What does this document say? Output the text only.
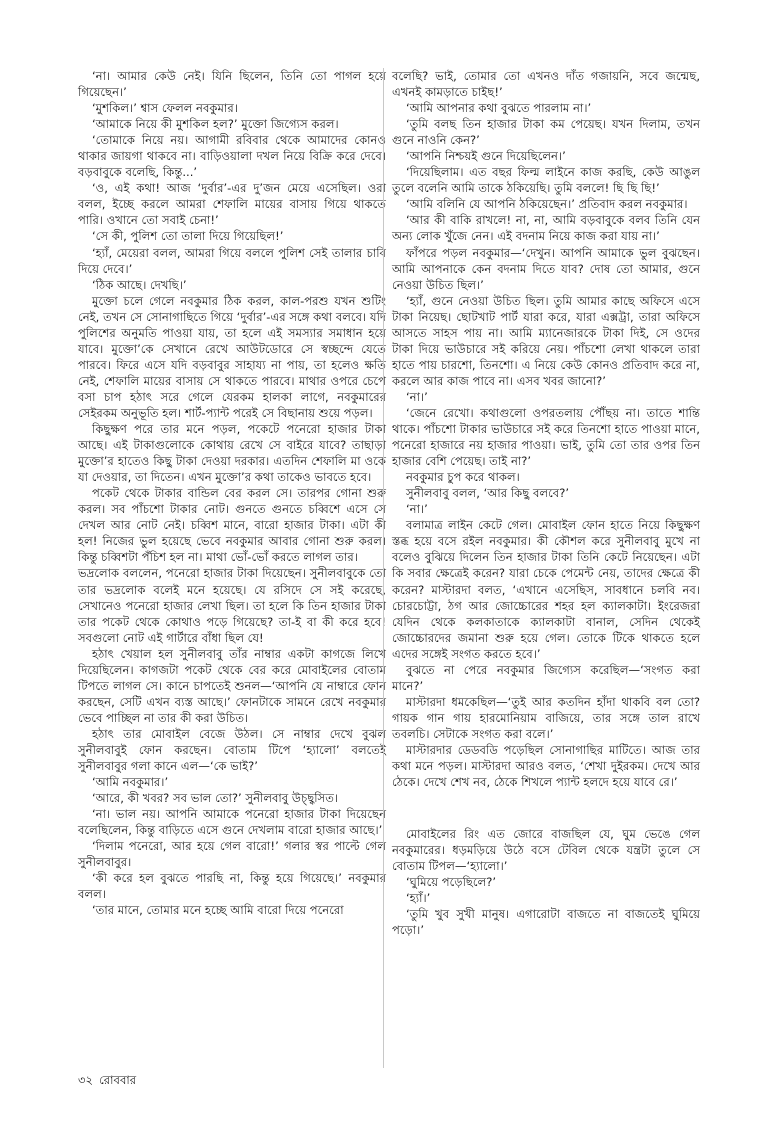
‘না। আমার কেউ নেই। যিনি ছিলেন, তিনি তো পাগল হয়ে গিয়েছেন।’

‘মুশকিল।’ শ্বাস ফেলল নবকুমার।

‘আমাকে নিয়ে কী মুশকিল হল?’ মুক্তো জিগ্যেস করল।

‘তোমাকে নিয়ে নয়। আগামী রবিবার থেকে আমাদের কোনও থাকার জায়গা থাকবে না। বাড়িওয়ালা দখল নিয়ে বিক্রি করে দেবে। বড়বাবুকে বলেছি, কিন্তু...’

‘ও, এই কথা! আজ ‘দুর্বার’-এর দু’জন মেয়ে এসেছিল। ওরা বলল, ইচ্ছে করলে আমরা শেফালি মায়ের বাসায় গিয়ে থাকতে পারি। ওখানে তো সবাই চেনা!’

‘সে কী, পুলিশ তো তালা দিয়ে গিয়েছিল!’

‘হ্যাঁ, মেয়েরা বলল, আমরা গিয়ে বললে পুলিশ সেই তালার চাবি দিয়ে দেবে।’

‘ঠিক আছে। দেখছি।’

মুক্তো চলে গেলে নবকুমার ঠিক করল, কাল-পরশু যখন শুটিং নেই, তখন সে সোনাগাছিতে গিয়ে ‘দুর্বার’-এর সঙ্গে কথা বলবে। যদি পুলিশের অনুমতি পাওয়া যায়, তা হলে এই সমস্যার সমাধান হয়ে যাবে। মুক্তো’কে সেখানে রেখে আউটডোরে সে স্বচ্ছন্দে যেতে পারবে। ফিরে এসে যদি বড়বাবুর সাহায্য না পায়, তা হলেও ক্ষতি নেই, শেফালি মায়ের বাসায় সে থাকতে পারবে। মাথার ওপরে চেপে বসা চাপ হঠাৎ সরে গেলে যেরকম হালকা লাগে, নবকুমারের সেইরকম অনুভূতি হল। শার্ট-প্যান্ট পরেই সে বিছানায় শুয়ে পড়ল।

কিছুক্ষণ পরে তার মনে পড়ল, পকেটে পনেরো হাজার টাকা আছে। এই টাকাগুলোকে কোথায় রেখে সে বাইরে যাবে? তাছাড়া মুক্তো’র হাতেও কিছু টাকা দেওয়া দরকার। এতদিন শেফালি মা ওকে যা দেওয়ার, তা দিতেন। এখন মুক্তো’র কথা তাকেও ভাবতে হবে।

পকেট থেকে টাকার বান্ডিল বের করল সে। তারপর গোনা শুরু করল। সব পাঁচশো টাকার নোট। গুনতে গুনতে চব্বিশে এসে সে দেখল আর নোট নেই। চব্বিশ মানে, বারো হাজার টাকা। এটা কী হল! নিজের ভুল হয়েছে ভেবে নবকুমার আবার গোনা শুরু করল। কিন্তু চব্বিশটা পঁচিশ হল না। মাথা ভোঁ-ভোঁ করতে লাগল তার।

ভদ্রলোক বললেন, পনেরো হাজার টাকা দিয়েছেন। সুনীলবাবুকে তো তার ভদ্রলোক বলেই মনে হয়েছে। যে রসিদে সে সই করেছে, সেখানেও পনেরো হাজার লেখা ছিল। তা হলে কি তিন হাজার টাকা তার পকেট থেকে কোথাও পড়ে গিয়েছে? তা-ই বা কী করে হবে! সবগুলো নোট এই গার্টারে বাঁধা ছিল যে!

হঠাৎ খেয়াল হল সুনীলবাবু তাঁর নাম্বার একটা কাগজে লিখে দিয়েছিলেন। কাগজটা পকেট থেকে বের করে মোবাইলের বোতাম টিপতে লাগল সে। কানে চাপতেই শুনল—‘আপনি যে নাম্বারে ফোন করছেন, সেটি এখন ব্যস্ত আছে।’ ফোনটাকে সামনে রেখে নবকুমার ভেবে পাচ্ছিল না তার কী করা উচিত।

হঠাৎ তার মোবাইল বেজে উঠল। সে নাম্বার দেখে বুঝল সুনীলবাবুই ফোন করছেন। বোতাম টিপে ‘হ্যালো’ বলতেই সুনীলবাবুর গলা কানে এল—‘কে ভাই?’

‘আমি নবকুমার।’

‘আরে, কী খবর? সব ভাল তো?’ সুনীলবাবু উচ্ছ্বসিত।

‘না। ভাল নয়। আপনি আমাকে পনেরো হাজার টাকা দিয়েছেন বলেছিলেন, কিন্তু বাড়িতে এসে গুনে দেখলাম বারো হাজার আছে।’

‘দিলাম পনেরো, আর হয়ে গেল বারো!’ গলার স্বর পাল্টে গেল সুনীলবাবুর।

‘কী করে হল বুঝতে পারছি না, কিন্তু হয়ে গিয়েছে।’ নবকুমার বলল।

‘তার মানে, তোমার মনে হচ্ছে আমি বারো দিয়ে পনেরো

বলেছি? ভাই, তোমার তো এখনও দাঁত গজায়নি, সবে জন্মেছ, এখনই কামড়াতে চাইছ!’

‘আমি আপনার কথা বুঝতে পারলাম না।’

‘তুমি বলছ তিন হাজার টাকা কম পেয়েছ। যখন দিলাম, তখন গুনে নাওনি কেন?’

‘আপনি নিশ্চয়ই গুনে দিয়েছিলেন।’

‘দিয়েছিলাম। এত বছর ফিল্ম লাইনে কাজ করছি, কেউ আঙুল তুলে বলেনি আমি তাকে ঠকিয়েছি। তুমি বললে! ছি ছি ছি!’

‘আমি বলিনি যে আপনি ঠকিয়েছেন।’ প্রতিবাদ করল নবকুমার।

‘আর কী বাকি রাখলে! না, না, আমি বড়বাবুকে বলব তিনি যেন অন্য লোক খুঁজে নেন। এই বদনাম নিয়ে কাজ করা যায় না।’

ফাঁপরে পড়ল নবকুমার—‘দেখুন। আপনি আমাকে ভুল বুঝছেন। আমি আপনাকে কেন বদনাম দিতে যাব? দোষ তো আমার, গুনে নেওয়া উচিত ছিল।’

‘হ্যাঁ, গুনে নেওয়া উচিত ছিল। তুমি আমার কাছে অফিসে এসে টাকা নিয়েছ। ছোটখাট পার্ট যারা করে, যারা এক্সট্রা, তারা অফিসে আসতে সাহস পায় না। আমি ম্যানেজারকে টাকা দিই, সে ওদের টাকা দিয়ে ভাউচারে সই করিয়ে নেয়। পাঁচশো লেখা থাকলে তারা হাতে পায় চারশো, তিনশো। এ নিয়ে কেউ কোনও প্রতিবাদ করে না, করলে আর কাজ পাবে না। এসব খবর জানো?’

‘না।’

‘জেনে রেখো। কথাগুলো ওপরতলায় পৌঁছয় না। তাতে শান্তি থাকে। পাঁচশো টাকার ভাউচারে সই করে তিনশো হাতে পাওয়া মানে, পনেরো হাজারে নয় হাজার পাওয়া। ভাই, তুমি তো তার ওপর তিন হাজার বেশি পেয়েছ। তাই না?’

নবকুমার চুপ করে থাকল।

সুনীলবাবু বলল, ‘আর কিছু বলবে?’

‘না।’

বলামাত্র লাইন কেটে গেল। মোবাইল ফোন হাতে নিয়ে কিছুক্ষণ স্তব্ধ হয়ে বসে রইল নবকুমার। কী কৌশল করে সুনীলবাবু মুখে না বলেও বুঝিয়ে দিলেন তিন হাজার টাকা তিনি কেটে নিয়েছেন। এটা কি সবার ক্ষেত্রেই করেন? যারা চেকে পেমেন্ট নেয়, তাদের ক্ষেত্রে কী করেন? মাস্টারদা বলত, ‘এখানে এসেছিস, সাবধানে চলবি নব। চোরচোট্টা, ঠগ আর জোচ্চোরের শহর হল ক্যালকাটা। ইংরেজরা যেদিন থেকে কলকাতাকে ক্যালকাটা বানাল, সেদিন থেকেই জোচ্চোরদের জমানা শুরু হয়ে গেল। তোকে টিকে থাকতে হলে এদের সঙ্গেই সংগত করতে হবে।’

বুঝতে না পেরে নবকুমার জিগ্যেস করেছিল—‘সংগত করা মানে?’

মাস্টারদা ধমকেছিল—‘তুই আর কতদিন হাঁদা থাকবি বল তো? গায়ক গান গায় হারমোনিয়াম বাজিয়ে, তার সঙ্গে তাল রাখে তবলচি। সেটাকে সংগত করা বলে।’

মাস্টারদার ডেডবডি পড়েছিল সোনাগাছির মাটিতে। আজ তার কথা মনে পড়ল। মাস্টারদা আরও বলত, ‘শেখা দুইরকম। দেখে আর ঠেকে। দেখে শেখ নব, ঠেকে শিখলে প্যান্ট হলদে হয়ে যাবে রে।’

মোবাইলের রিং এত জোরে বাজছিল যে, ঘুম ভেঙে গেল নবকুমারের। ধড়মড়িয়ে উঠে বসে টেবিল থেকে যন্ত্রটা তুলে সে বোতাম টিপল—‘হ্যালো।’

‘ঘুমিয়ে পড়েছিলে?’

‘হ্যাঁ।’

‘তুমি খুব সুখী মানুষ। এগারোটা বাজতে না বাজতেই ঘুমিয়ে পড়ো।’

৩২ রোববার
